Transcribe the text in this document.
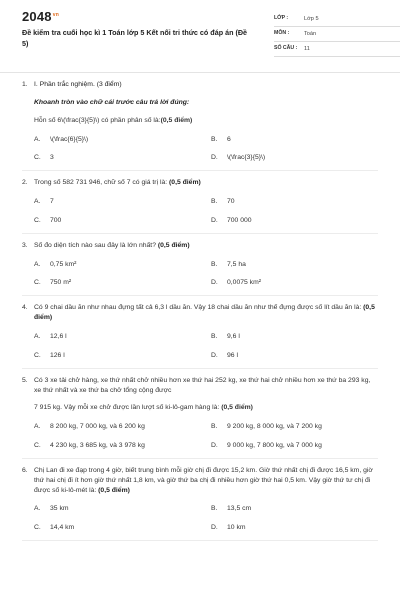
$2048^{vn}$
Đề kiểm tra cuối học kì 1 Toán lớp 5 Kết nối tri thức có đáp án (Đề 5)
LỚP :	Lớp 5
MÔN :	Toán
SỐ CÂU :	11
1. I. Phần trắc nghiệm. (3 điểm)
Khoanh tròn vào chữ cái trước câu trả lời đúng:
Hỗn số 6\(\frac{3}{5}\) có phần phân số là:(0,5 điểm)
A.	\(\frac{6}{5}\)	B.	6
C.	3	D.	\(\frac{3}{5}\)
2. Trong số 582 731 946, chữ số 7 có giá trị là: (0,5 điểm)
A.	7	B.	70
C.	700	D.	700 000
3. Số đo diện tích nào sau đây là lớn nhất? (0,5 điểm)
A.	0,75 km²	B.	7,5 ha
C.	750 m²	D.	0,0075 km²
4. Có 9 chai dầu ăn như nhau đựng tất cả 6,3 l dầu ăn. Vậy 18 chai dầu ăn như thế đựng được số lít dầu ăn là: (0,5 điểm)
A.	12,6 l	B.	9,6 l
C.	126 l	D.	96 l
5. Có 3 xe tải chở hàng, xe thứ nhất chở nhiều hơn xe thứ hai 252 kg, xe thứ hai chở nhiều hơn xe thứ ba 293 kg, xe thứ nhất và xe thứ ba chở tổng cộng được
7 915 kg. Vậy mỗi xe chở được lần lượt số ki-lô-gam hàng là: (0,5 điểm)
A.	8 200 kg, 7 000 kg, và 6 200 kg	B.	9 200 kg, 8 000 kg, và 7 200 kg
C.	4 230 kg, 3 685 kg, và 3 978 kg	D.	9 000 kg, 7 800 kg, và 7 000 kg
6. Chị Lan đi xe đạp trong 4 giờ, biết trung bình mỗi giờ chị đi được 15,2 km. Giờ thứ nhất chị đi được 16,5 km, giờ thứ hai chị đi ít hơn giờ thứ nhất 1,8 km, và giờ thứ ba chị đi nhiều hơn giờ thứ hai 0,5 km. Vậy giờ thứ tư chị đi được số ki-lô-mét là: (0,5 điểm)
A.	35 km	B.	13,5 cm
C.	14,4 km	D.	10 km
